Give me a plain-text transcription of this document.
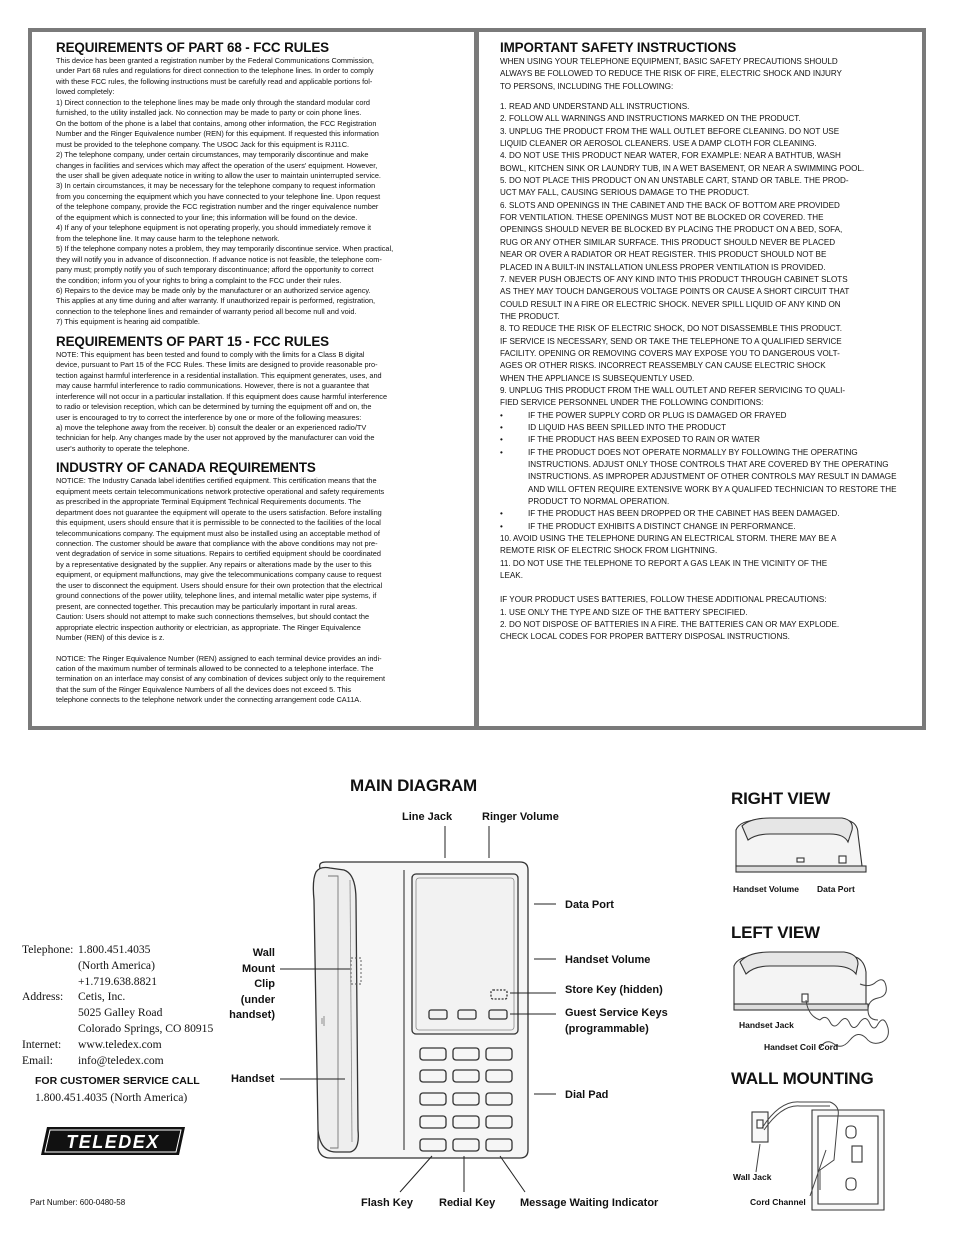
REQUIREMENTS OF PART 68 - FCC RULES

This device has been granted a registration number by the Federal Communications Commission,
under Part 68 rules and regulations for direct connection to the telephone lines. In order to comply
with these FCC rules, the following instructions must be carefully read and applicable portions fol-
lowed completely:
1) Direct connection to the telephone lines may be made only through the standard modular cord
furnished, to the utility installed jack. No connection may be made to party or coin phone lines.
On the bottom of the phone is a label that contains, among other information, the FCC Registration
Number and the Ringer Equivalence number (REN) for this equipment. If requested this information
must be provided to the telephone company. The USOC Jack for this equipment is RJ11C.
2) The telephone company, under certain circumstances, may temporarily discontinue and make
changes in facilities and services which may affect the operation of the users' equipment. However,
the user shall be given adequate notice in writing to allow the user to maintain uninterrupted service.
3) In certain circumstances, it may be necessary for the telephone company to request information
from you concerning the equipment which you have connected to your telephone line. Upon request
of the telephone company, provide the FCC registration number and the ringer equivalence number
of the equipment which is connected to your line; this information will be found on the device.
4) If any of your telephone equipment is not operating properly, you should immediately remove it
from the telephone line. It may cause harm to the telephone network.
5) If the telephone company notes a problem, they may temporarily discontinue service. When practical,
they will notify you in advance of disconnection. If advance notice is not feasible, the telephone com-
pany must; promptly notify you of such temporary discontinuance; afford the opportunity to correct
the condition; inform you of your rights to bring a complaint to the FCC under their rules.
6) Repairs to the device may be made only by the manufacturer or an authorized service agency.
This applies at any time during and after warranty. If unauthorized repair is performed, registration,
connection to the telephone lines and remainder of warranty period all become null and void.
7) This equipment is hearing aid compatible.

REQUIREMENTS OF PART 15 - FCC RULES

NOTE: This equipment has been tested and found to comply with the limits for a Class B digital
device, pursuant to Part 15 of the FCC Rules. These limits are designed to provide reasonable pro-
tection against harmful interference in a residential installation. This equipment generates, uses, and
may cause harmful interference to radio communications. However, there is not a guarantee that
interference will not occur in a particular installation. If this equipment does cause harmful interference
to radio or television reception, which can be determined by turning the equipment off and on, the
user is encouraged to try to correct the interference by one or more of the following measures:
a) move the telephone away from the receiver. b) consult the dealer or an experienced radio/TV
technician for help. Any changes made by the user not approved by the manufacturer can void the
user's authority to operate the telephone.

INDUSTRY OF CANADA REQUIREMENTS

NOTICE: The Industry Canada label identifies certified equipment. This certification means that the
equipment meets certain telecommunications network protective operational and safety requirements
as prescribed in the appropriate Terminal Equipment Technical Requirements documents. The
department does not guarantee the equipment will operate to the users satisfaction. Before installing
this equipment, users should ensure that it is permissible to be connected to the facilities of the local
telecommunications company. The equipment must also be installed using an acceptable method of
connection. The customer should be aware that compliance with the above conditions may not pre-
vent degradation of service in some situations. Repairs to certified equipment should be coordinated
by a representative designated by the supplier. Any repairs or alterations made by the user to this
equipment, or equipment malfunctions, may give the telecommunications company cause to request
the user to disconnect the equipment. Users should ensure for their own protection that the electrical
ground connections of the power utility, telephone lines, and internal metallic water pipe systems, if
present, are connected together. This precaution may be particularly important in rural areas.
Caution: Users should not attempt to make such connections themselves, but should contact the
appropriate electric inspection authority or electrician, as appropriate. The Ringer Equivalence
Number (REN) of this device is z.

NOTICE: The Ringer Equivalence Number (REN) assigned to each terminal device provides an indi-
cation of the maximum number of terminals allowed to be connected to a telephone interface. The
termination on an interface may consist of any combination of devices subject only to the requirement
that the sum of the Ringer Equivalence Numbers of all the devices does not exceed 5. This
telephone connects to the telephone network under the connecting arrangement code CA11A.

IMPORTANT SAFETY INSTRUCTIONS

WHEN USING YOUR TELEPHONE EQUIPMENT, BASIC SAFETY PRECAUTIONS SHOULD
ALWAYS BE FOLLOWED TO REDUCE THE RISK OF FIRE, ELECTRIC SHOCK AND INJURY
TO PERSONS, INCLUDING THE FOLLOWING:

1. READ AND UNDERSTAND ALL INSTRUCTIONS.
2. FOLLOW ALL WARNINGS AND INSTRUCTIONS MARKED ON THE PRODUCT.
3. UNPLUG THE PRODUCT FROM THE WALL OUTLET BEFORE CLEANING. DO NOT USE
LIQUID CLEANER OR AEROSOL CLEANERS. USE A DAMP CLOTH FOR CLEANING.
4. DO NOT USE THIS PRODUCT NEAR WATER, FOR EXAMPLE: NEAR A BATHTUB, WASH
BOWL, KITCHEN SINK OR LAUNDRY TUB, IN A WET BASEMENT, OR NEAR A SWIMMING POOL.
5. DO NOT PLACE THIS PRODUCT ON AN UNSTABLE CART, STAND OR TABLE. THE PROD-
UCT MAY FALL, CAUSING SERIOUS DAMAGE TO THE PRODUCT.
6. SLOTS AND OPENINGS IN THE CABINET AND THE BACK OF BOTTOM ARE PROVIDED
FOR VENTILATION. THESE OPENINGS MUST NOT BE BLOCKED OR COVERED. THE
OPENINGS SHOULD NEVER BE BLOCKED BY PLACING THE PRODUCT ON A BED, SOFA,
RUG OR ANY OTHER SIMILAR SURFACE. THIS PRODUCT SHOULD NEVER BE PLACED
NEAR OR OVER A RADIATOR OR HEAT REGISTER. THIS PRODUCT SHOULD NOT BE
PLACED IN A BUILT-IN INSTALLATION UNLESS PROPER VENTILATION IS PROVIDED.
7. NEVER PUSH OBJECTS OF ANY KIND INTO THIS PRODUCT THROUGH CABINET SLOTS
AS THEY MAY TOUCH DANGEROUS VOLTAGE POINTS OR CAUSE A SHORT CIRCUIT THAT
COULD RESULT IN A FIRE OR ELECTRIC SHOCK. NEVER SPILL LIQUID OF ANY KIND ON
THE PRODUCT.
8. TO REDUCE THE RISK OF ELECTRIC SHOCK, DO NOT DISASSEMBLE THIS PRODUCT.
IF SERVICE IS NECESSARY, SEND OR TAKE THE TELEPHONE TO A QUALIFIED SERVICE
FACILITY. OPENING OR REMOVING COVERS MAY EXPOSE YOU TO DANGEROUS VOLT-
AGES OR OTHER RISKS. INCORRECT REASSEMBLY CAN CAUSE ELECTRIC SHOCK
WHEN THE APPLIANCE IS SUBSEQUENTLY USED.
9. UNPLUG THIS PRODUCT FROM THE WALL OUTLET AND REFER SERVICING TO QUALI-
FIED SERVICE PERSONNEL UNDER THE FOLLOWING CONDITIONS:

•	IF THE POWER SUPPLY CORD OR PLUG IS DAMAGED OR FRAYED

•	ID LIQUID HAS BEEN SPILLED INTO THE PRODUCT

•	IF THE PRODUCT HAS BEEN EXPOSED TO RAIN OR WATER

•	IF THE PRODUCT DOES NOT OPERATE NORMALLY BY FOLLOWING THE OPERATING INSTRUCTIONS. ADJUST ONLY THOSE CONTROLS THAT ARE COVERED BY THE OPERATING INSTRUCTIONS. AS IMPROPER ADJUSTMENT OF OTHER CONTROLS MAY RESULT IN DAMAGE AND WILL OFTEN REQUIRE EXTENSIVE WORK BY A QUALIFED TECHNICIAN TO RESTORE THE PRODUCT TO NORMAL OPERATION.

•	IF THE PRODUCT HAS BEEN DROPPED OR THE CABINET HAS BEEN DAMAGED.

•	IF THE PRODUCT EXHIBITS A DISTINCT CHANGE IN PERFORMANCE.

10. AVOID USING THE TELEPHONE DURING AN ELECTRICAL STORM. THERE MAY BE A
REMOTE RISK OF ELECTRIC SHOCK FROM LIGHTNING.
11. DO NOT USE THE TELEPHONE TO REPORT A GAS LEAK IN THE VICINITY OF THE
LEAK.

IF YOUR PRODUCT USES BATTERIES, FOLLOW THESE ADDITIONAL PRECAUTIONS:
1. USE ONLY THE TYPE AND SIZE OF THE BATTERY SPECIFIED.
2. DO NOT DISPOSE OF BATTERIES IN A FIRE. THE BATTERIES CAN OR MAY EXPLODE.
CHECK LOCAL CODES FOR PROPER BATTERY DISPOSAL INSTRUCTIONS.

MAIN DIAGRAM
Line Jack	Ringer Volume
Data Port
Handset Volume
Store Key (hidden)
Guest Service Keys
(programmable)
Dial Pad
Wall
Mount
Clip
(under
handset)
Handset
Flash Key Redial Key Message Waiting Indicator
RIGHT VIEW
Handset Volume Data Port
LEFT VIEW
Handset Jack
Handset Coil Cord
WALL MOUNTING
Wall Jack
Cord Channel
Telephone: 1.800.451.4035
(North America)
+1.719.638.8821
Address:	Cetis, Inc.
5025 Galley Road
Colorado Springs, CO 80915
Internet:	www.teledex.com
Email:	info@teledex.com
FOR CUSTOMER SERVICE CALL
1.800.451.4035 (North America)
TELEDEX
Part Number: 600-0480-58
